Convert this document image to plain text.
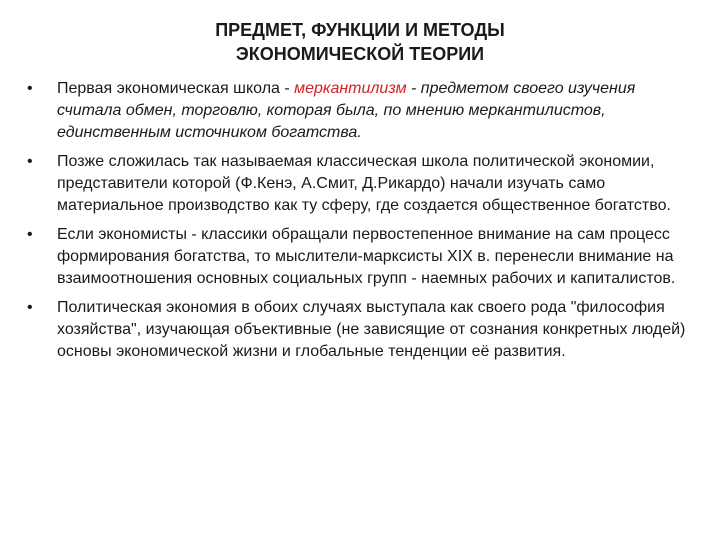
ПРЕДМЕТ, ФУНКЦИИ И МЕТОДЫ
ЭКОНОМИЧЕСКОЙ ТЕОРИИ
•	Первая экономическая школа - меркантилизм - предметом своего изучения считала обмен, торговлю, которая была, по мнению меркантилистов, единственным источником богатства.
•	Позже сложилась так называемая классическая школа политической экономии, представители которой (Ф.Кенэ, А.Смит, Д.Рикардо) начали изучать само материальное производство как ту сферу, где создается общественное богатство.
•	Если экономисты - классики обращали первостепенное внимание на сам процесс формирования богатства, то мыслители-марксисты XIX в. перенесли внимание на взаимоотношения основных социальных групп - наемных рабочих и капиталистов.
•	Политическая экономия в обоих случаях выступала как своего рода "философия хозяйства", изучающая объективные (не зависящие от сознания конкретных людей) основы экономической жизни и глобальные тенденции её развития.
